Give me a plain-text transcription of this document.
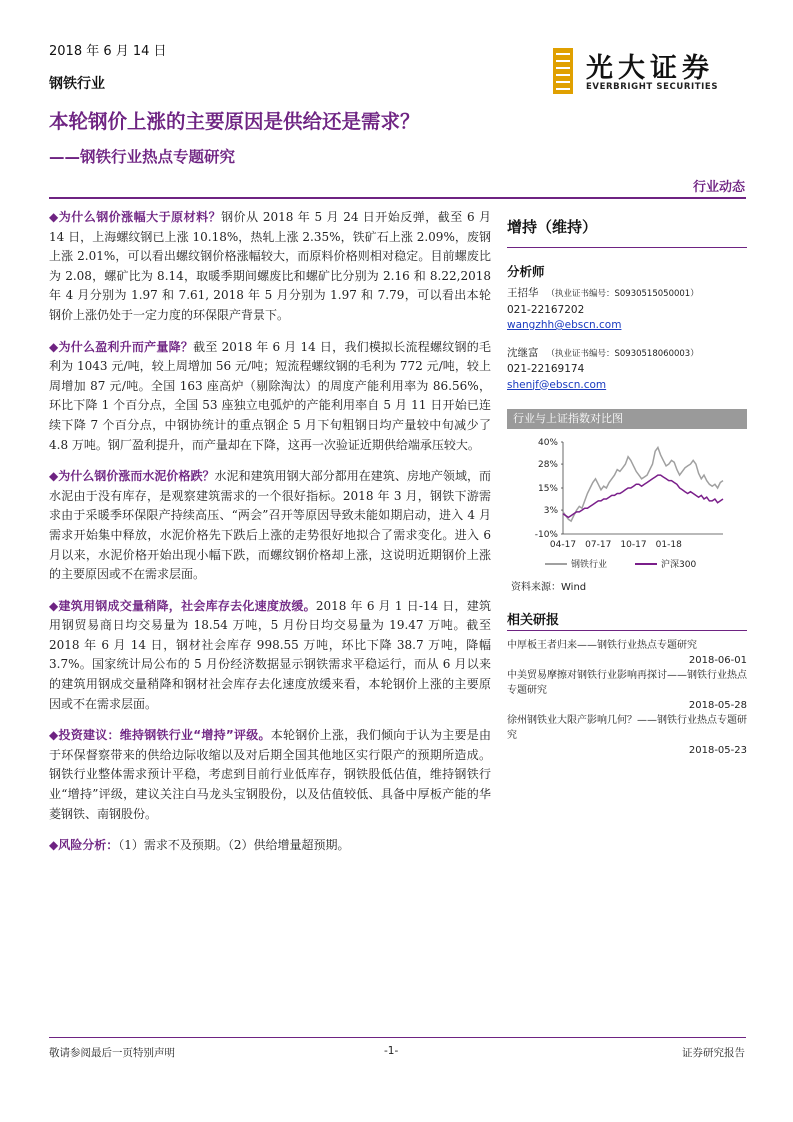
2018 年 6 月 14 日
钢铁行业
本轮钢价上涨的主要原因是供给还是需求？
——钢铁行业热点专题研究
光大证券
EVERBRIGHT SECURITIES
行业动态

◆为什么钢价涨幅大于原材料？钢价从 2018 年 5 月 24 日开始反弹，截至 6 月 14 日，上海螺纹钢已上涨 10.18%，热轧上涨 2.35%，铁矿石上涨 2.09%，废钢上涨 2.01%，可以看出螺纹钢价格涨幅较大，而原料价格则相对稳定。目前螺废比为 2.08，螺矿比为 8.14，取暖季期间螺废比和螺矿比分别为 2.16 和 8.22,2018 年 4 月分别为 1.97 和 7.61, 2018 年 5 月分别为 1.97 和 7.79，可以看出本轮钢价上涨仍处于一定力度的环保限产背景下。

◆为什么盈利升而产量降？截至 2018 年 6 月 14 日，我们模拟长流程螺纹钢的毛利为 1043 元/吨，较上周增加 56 元/吨；短流程螺纹钢的毛利为 772 元/吨，较上周增加 87 元/吨。全国 163 座高炉（剔除淘汰）的周度产能利用率为 86.56%，环比下降 1 个百分点，全国 53 座独立电弧炉的产能利用率自 5 月 11 日开始已连续下降 7 个百分点，中钢协统计的重点钢企 5 月下旬粗钢日均产量较中旬减少了 4.8 万吨。钢厂盈利提升，而产量却在下降，这再一次验证近期供给端承压较大。

◆为什么钢价涨而水泥价格跌？水泥和建筑用钢大部分都用在建筑、房地产领域，而水泥由于没有库存，是观察建筑需求的一个很好指标。2018 年 3 月，钢铁下游需求由于采暖季环保限产持续高压、“两会”召开等原因导致未能如期启动，进入 4 月需求开始集中释放，水泥价格先下跌后上涨的走势很好地拟合了需求变化。进入 6 月以来，水泥价格开始出现小幅下跌，而螺纹钢价格却上涨，这说明近期钢价上涨的主要原因或不在需求层面。

◆建筑用钢成交量稍降，社会库存去化速度放缓。2018 年 6 月 1 日-14 日，建筑用钢贸易商日均交易量为 18.54 万吨，5 月份日均交易量为 19.47 万吨。截至 2018 年 6 月 14 日，钢材社会库存 998.55 万吨，环比下降 38.7 万吨，降幅 3.7%。国家统计局公布的 5 月份经济数据显示钢铁需求平稳运行，而从 6 月以来的建筑用钢成交量稍降和钢材社会库存去化速度放缓来看，本轮钢价上涨的主要原因或不在需求层面。

◆投资建议：维持钢铁行业“增持”评级。本轮钢价上涨，我们倾向于认为主要是由于环保督察带来的供给边际收缩以及对后期全国其他地区实行限产的预期所造成。钢铁行业整体需求预计平稳，考虑到目前行业低库存，钢铁股低估值，维持钢铁行业“增持”评级，建议关注白马龙头宝钢股份，以及估值较低、具备中厚板产能的华菱钢铁、南钢股份。

◆风险分析：（1）需求不及预期。（2）供给增量超预期。

增持（维持）
分析师
王招华 （执业证书编号：S0930515050001）
021-22167202
wangzhh@ebscn.com
沈继富 （执业证书编号：S0930518060003）
021-22169174
shenjf@ebscn.com
行业与上证指数对比图
40%
28%
15%
3%
-10%
04-17 07-17 10-17 01-18
钢铁行业	沪深300
资料来源：Wind
相关研报
中厚板王者归来——钢铁行业热点专题研究
2018-06-01
中美贸易摩擦对钢铁行业影响再探讨——钢铁行业热点专题研究
2018-05-28
徐州钢铁业大限产影响几何？——钢铁行业热点专题研究
2018-05-23
敬请参阅最后一页特别声明	-1-	证券研究报告
